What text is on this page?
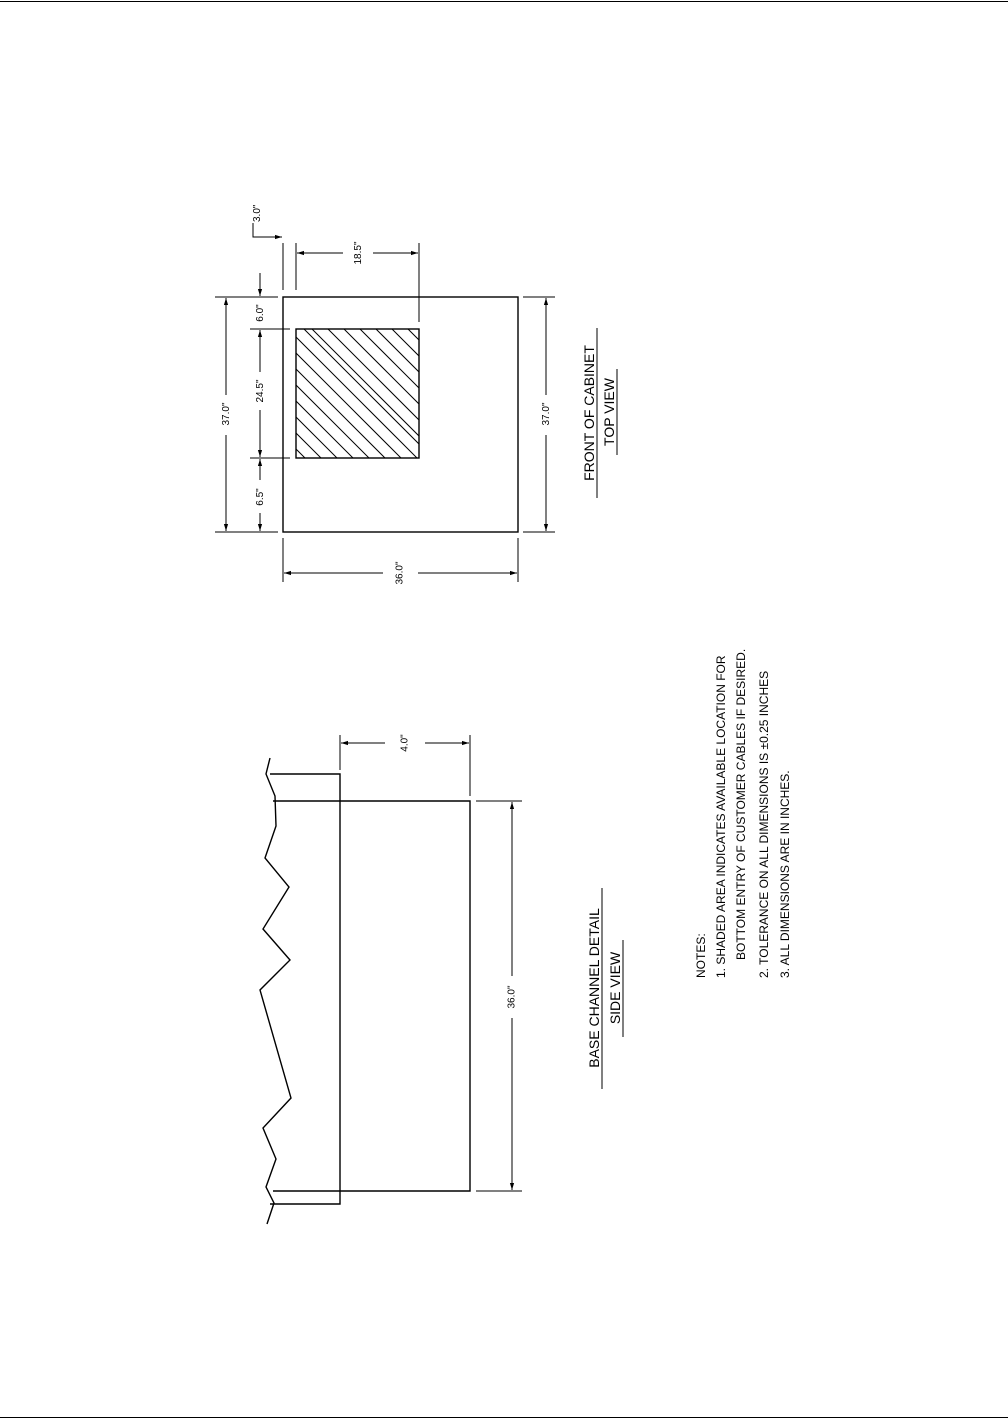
3.0"
18.5"
37.0"
6.0"
24.5"
6.5"
37.0"
36.0"
FRONT OF CABINET TOP VIEW
4.0"
36.0"	BASE CHANNEL DETAIL SIDE VIEW	NOTES: 1. SHADED AREA INDICATES AVAILABLE LOCATION FOR BOTTOM ENTRY OF CUSTOMER CABLES IF DESIRED. 2. TOLERANCE ON ALL DIMENSIONS IS ±0.25 INCHES 3. ALL DIMENSIONS ARE IN INCHES.
